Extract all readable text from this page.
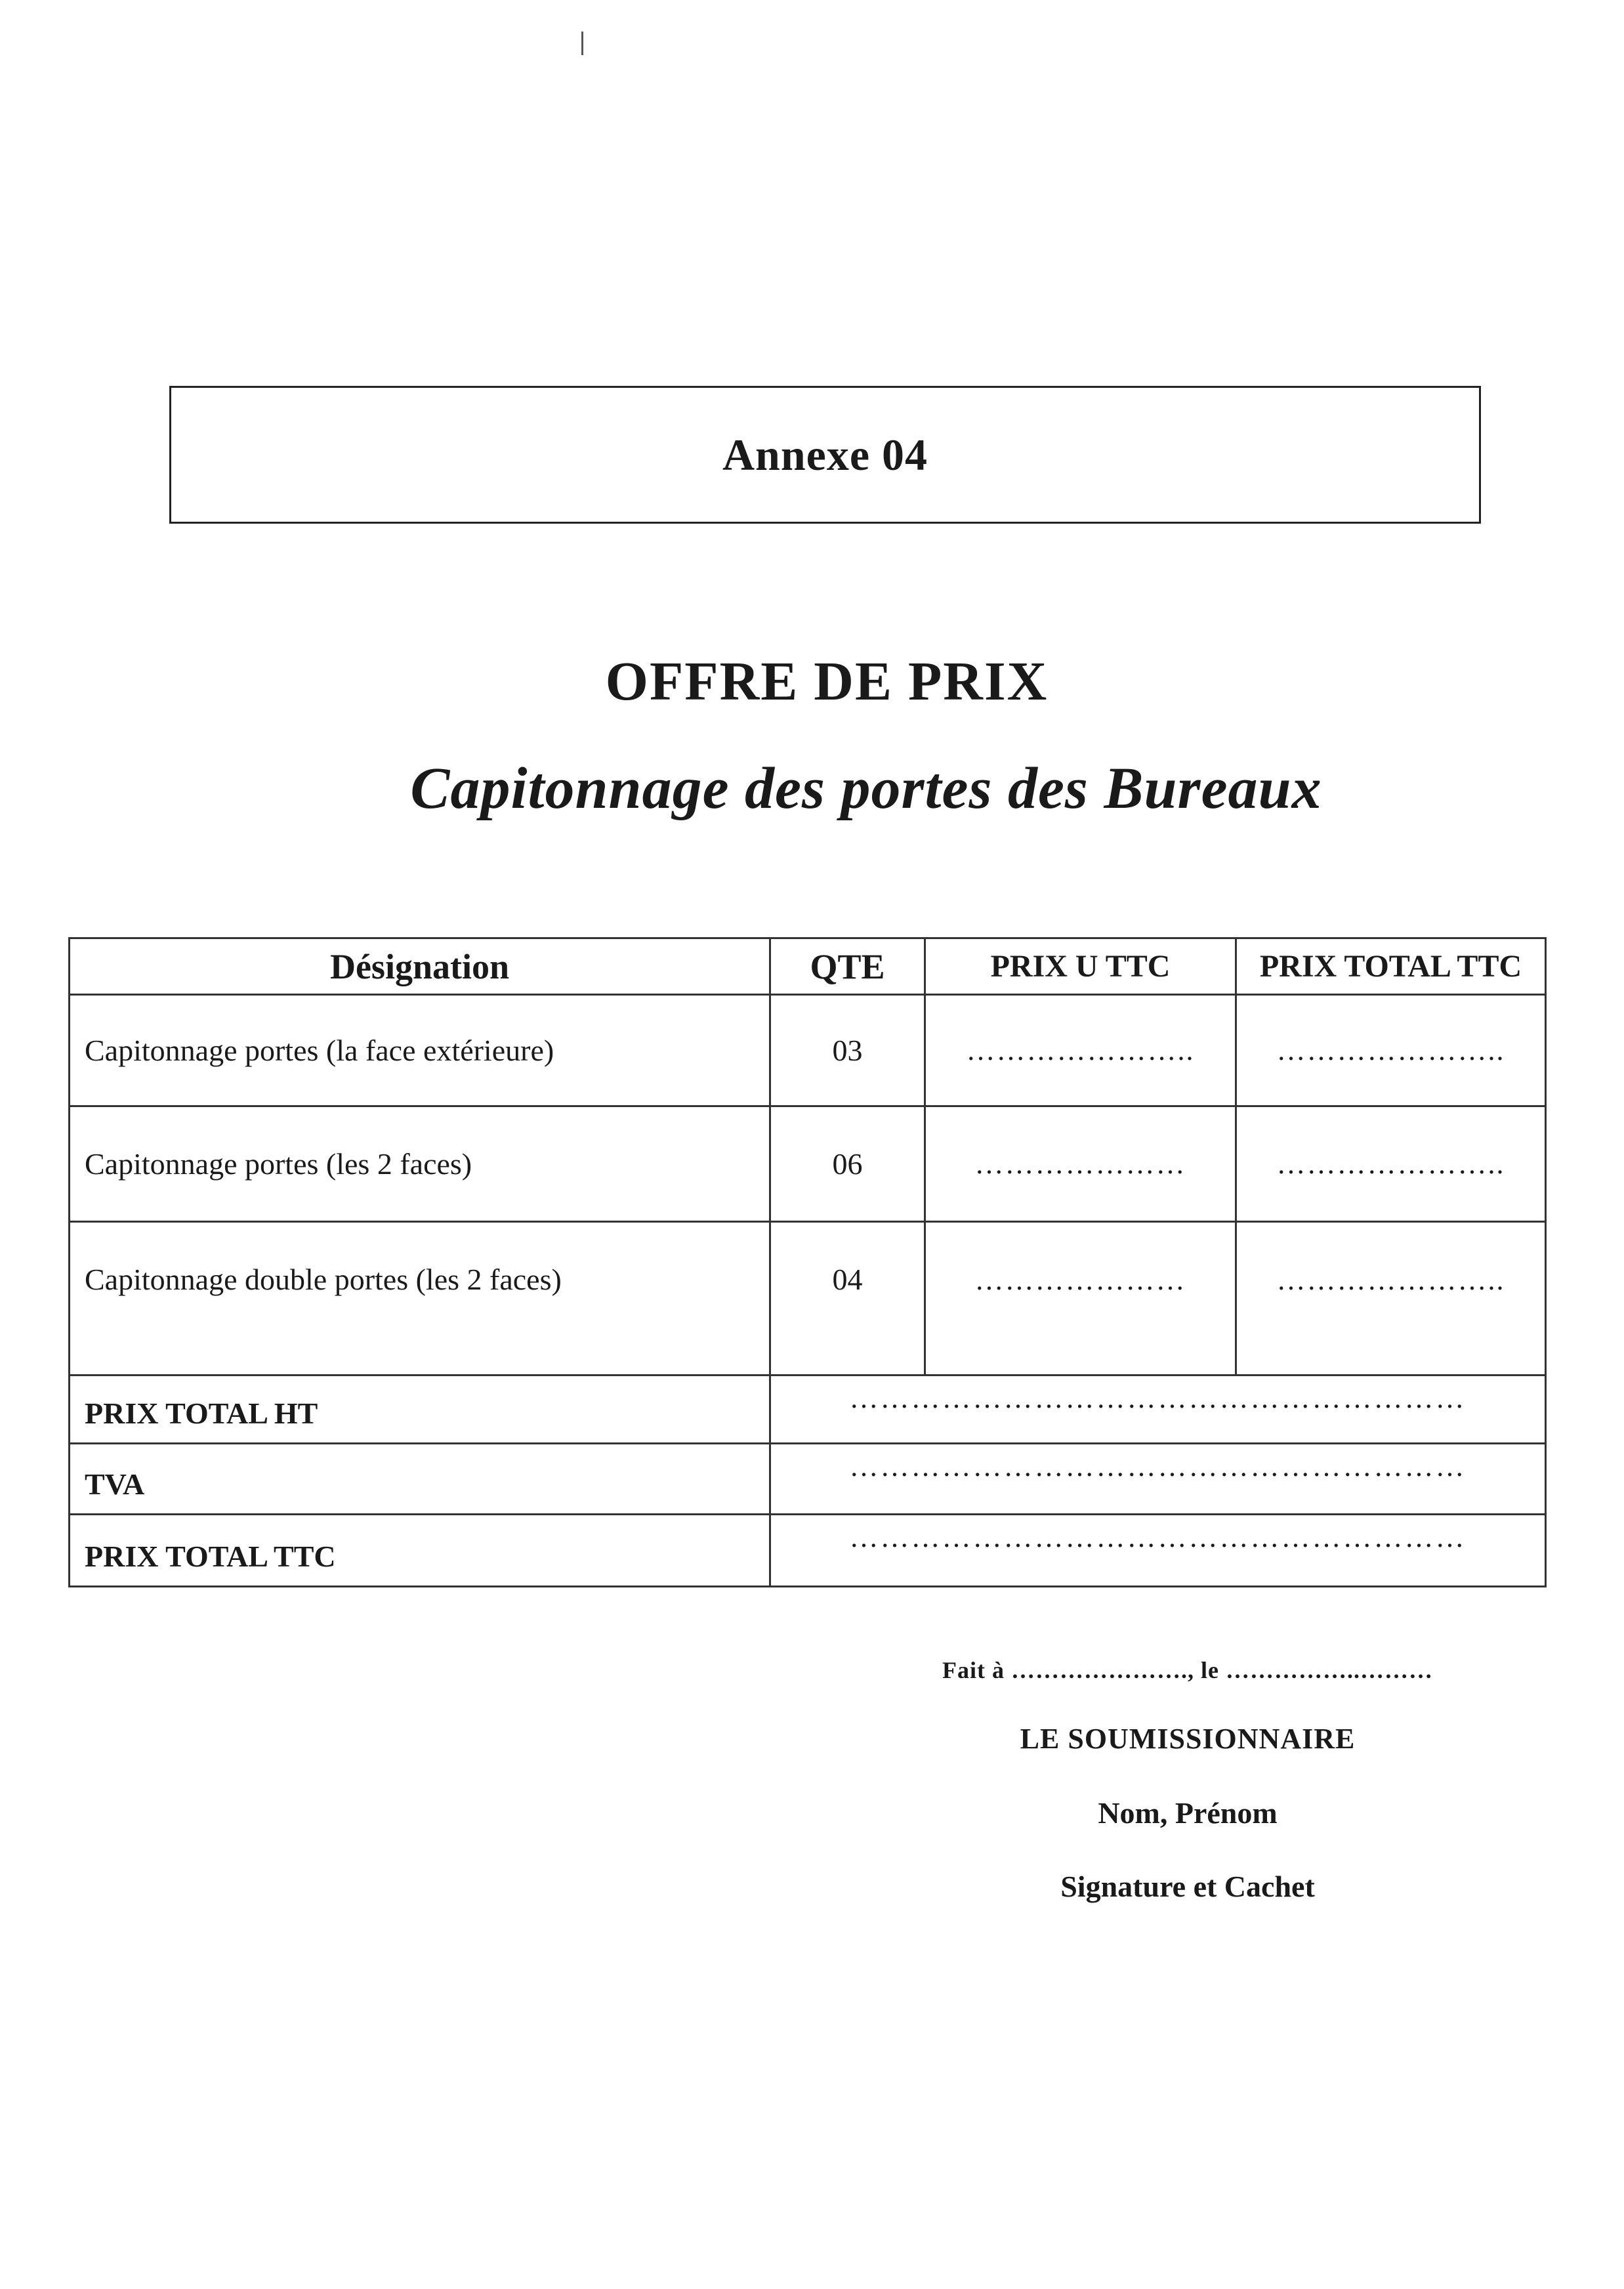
Annexe 04
OFFRE DE PRIX
Capitonnage des portes des Bureaux
Désignation	QTE	PRIX U TTC	PRIX TOTAL TTC
Capitonnage portes (la face extérieure)	03	…………………..	…………………..
Capitonnage portes (les 2 faces)	06	…………………	…………………..
Capitonnage double portes (les 2 faces)	04	…………………	…………………..
PRIX TOTAL HT	……………………………………………………		
TVA	……………………………………………………		
PRIX TOTAL TTC	……………………………………………………		
Fait à …………………., le ……………..………
LE SOUMISSIONNAIRE
Nom, Prénom
Signature et Cachet
